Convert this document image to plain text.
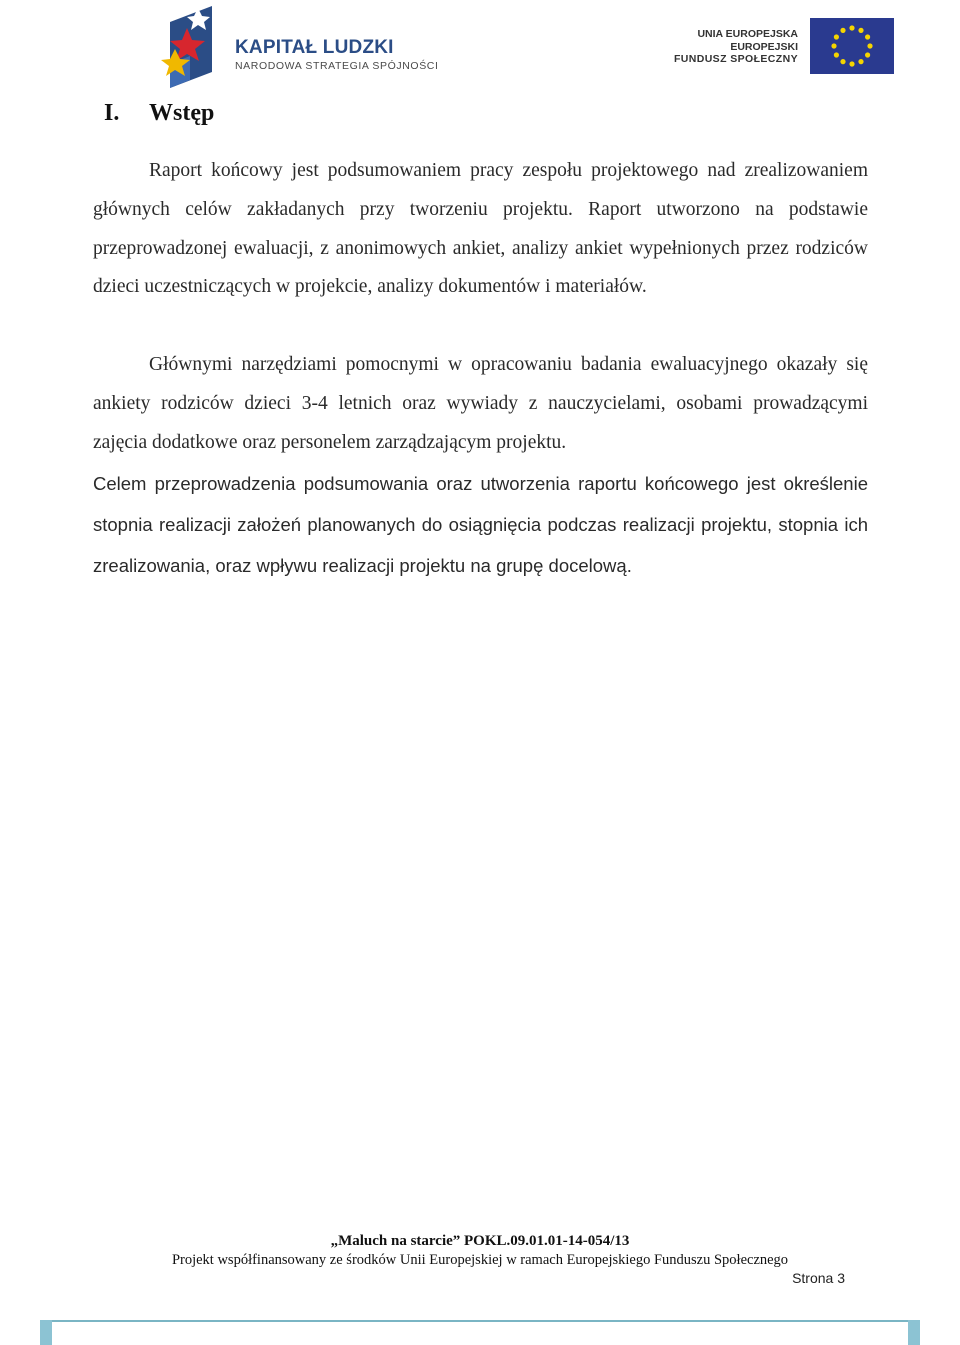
KAPITAŁ LUDZKI
NARODOWA STRATEGIA SPÓJNOŚCI
UNIA EUROPEJSKA
EUROPEJSKI
FUNDUSZ SPOŁECZNY
I. Wstęp
Raport końcowy jest podsumowaniem pracy zespołu projektowego nad zrealizowaniem głównych celów zakładanych przy tworzeniu projektu. Raport utworzono na podstawie przeprowadzonej ewaluacji, z anonimowych ankiet, analizy ankiet wypełnionych przez rodziców dzieci uczestniczących w projekcie, analizy dokumentów i materiałów.
Głównymi narzędziami pomocnymi w opracowaniu badania ewaluacyjnego okazały się ankiety rodziców dzieci 3-4 letnich oraz wywiady z nauczycielami, osobami prowadzącymi zajęcia dodatkowe oraz personelem zarządzającym projektu.
Celem przeprowadzenia podsumowania oraz utworzenia raportu końcowego jest określenie stopnia realizacji założeń planowanych do osiągnięcia podczas realizacji projektu, stopnia ich zrealizowania, oraz wpływu realizacji projektu na grupę docelową.
„Maluch na starcie” POKL.09.01.01-14-054/13
Projekt współfinansowany ze środków Unii Europejskiej w ramach Europejskiego Funduszu Społecznego
Strona 3
